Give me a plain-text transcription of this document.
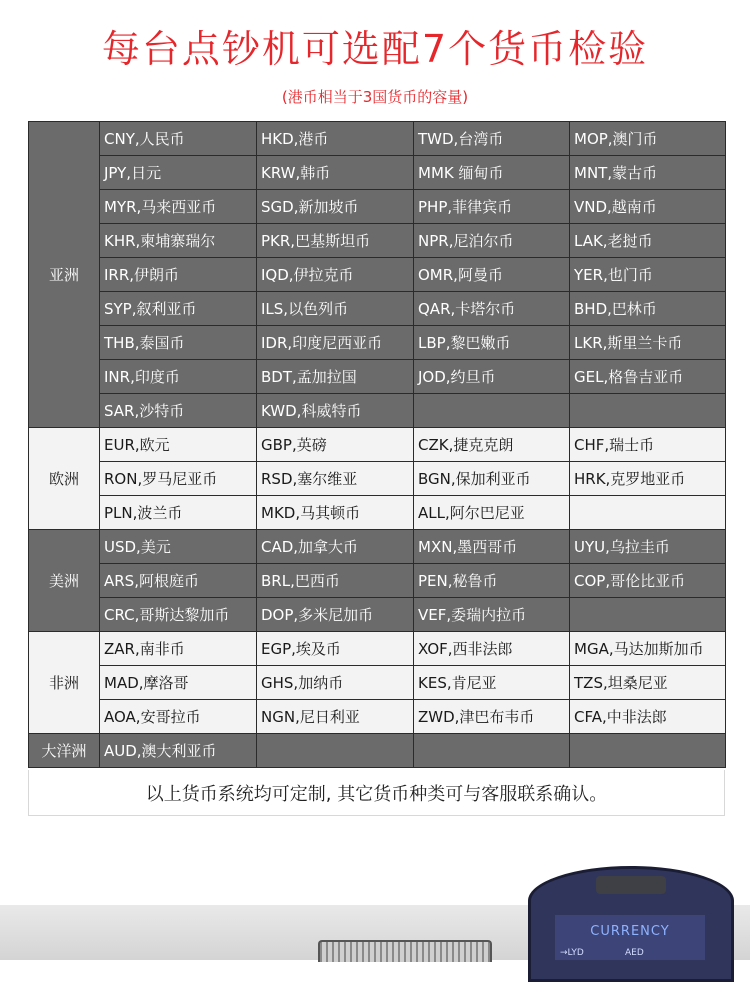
每台点钞机可选配7个货币检验
(港币相当于3国货币的容量)
亚洲	CNY,人民币	HKD,港币	TWD,台湾币	MOP,澳门币
	JPY,日元	KRW,韩币	MMK 缅甸币	MNT,蒙古币
	MYR,马来西亚币	SGD,新加坡币	PHP,菲律宾币	VND,越南币
	KHR,柬埔寨瑞尔	PKR,巴基斯坦币	NPR,尼泊尔币	LAK,老挝币
	IRR,伊朗币	IQD,伊拉克币	OMR,阿曼币	YER,也门币
	SYP,叙利亚币	ILS,以色列币	QAR,卡塔尔币	BHD,巴林币
	THB,泰国币	IDR,印度尼西亚币	LBP,黎巴嫩币	LKR,斯里兰卡币
	INR,印度币	BDT,孟加拉国	JOD,约旦币	GEL,格鲁吉亚币
	SAR,沙特币	KWD,科威特币		
欧洲	EUR,欧元	GBP,英磅	CZK,捷克克朗	CHF,瑞士币
	RON,罗马尼亚币	RSD,塞尔维亚	BGN,保加利亚币	HRK,克罗地亚币
	PLN,波兰币	MKD,马其顿币	ALL,阿尔巴尼亚	
美洲	USD,美元	CAD,加拿大币	MXN,墨西哥币	UYU,乌拉圭币
	ARS,阿根庭币	BRL,巴西币	PEN,秘鲁币	COP,哥伦比亚币
	CRC,哥斯达黎加币	DOP,多米尼加币	VEF,委瑞内拉币	
非洲	ZAR,南非币	EGP,埃及币	XOF,西非法郎	MGA,马达加斯加币
	MAD,摩洛哥	GHS,加纳币	KES,肯尼亚	TZS,坦桑尼亚
	AOA,安哥拉币	NGN,尼日利亚	ZWD,津巴布韦币	CFA,中非法郎
大洋洲	AUD,澳大利亚币			
以上货币系统均可定制, 其它货币种类可与客服联系确认。
CURRENCY
→LYD	AED
